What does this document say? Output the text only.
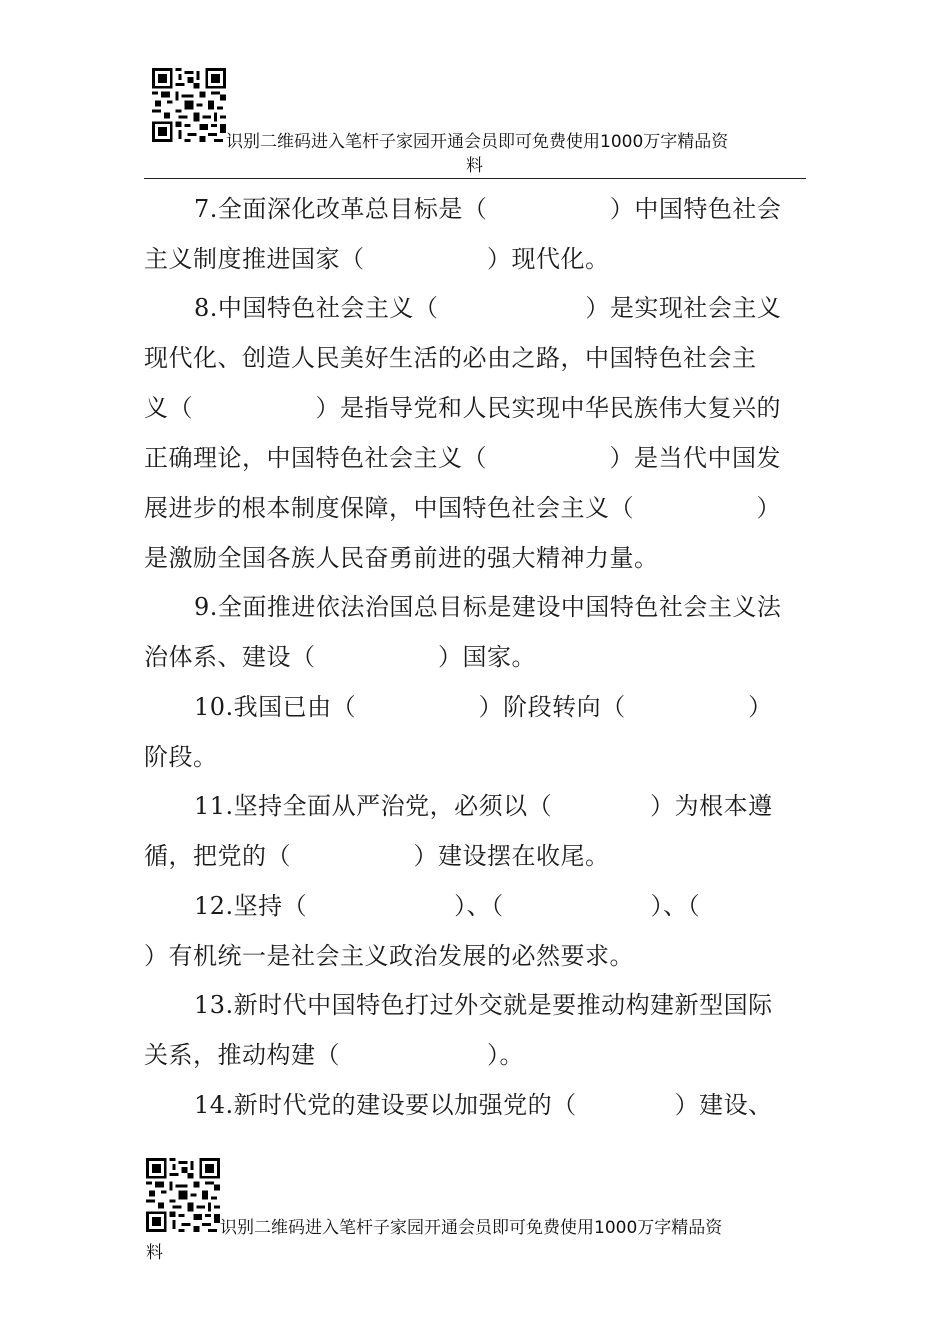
识别二维码进入笔杆子家园开通会员即可免费使用1000万字精品资
料
7.全面深化改革总目标是（　　　　　）中国特色社会
主义制度推进国家（　　　　　）现代化。
8.中国特色社会主义（　　　　　　）是实现社会主义
现代化、创造人民美好生活的必由之路，中国特色社会主
义（　　　　　）是指导党和人民实现中华民族伟大复兴的
正确理论，中国特色社会主义（　　　　　）是当代中国发
展进步的根本制度保障，中国特色社会主义（　　　　　）
是激励全国各族人民奋勇前进的强大精神力量。
9.全面推进依法治国总目标是建设中国特色社会主义法
治体系、建设（　　　　　）国家。
10.我国已由（　　　　　）阶段转向（　　　　　）
阶段。
11.坚持全面从严治党，必须以（　　　　）为根本遵
循，把党的（　　　　　）建设摆在收尾。
12.坚持（　　　　　　）、（　　　　　　）、（
）有机统一是社会主义政治发展的必然要求。
13.新时代中国特色打过外交就是要推动构建新型国际
关系，推动构建（　　　　　　）。
14.新时代党的建设要以加强党的（　　　　）建设、
识别二维码进入笔杆子家园开通会员即可免费使用1000万字精品资
料
